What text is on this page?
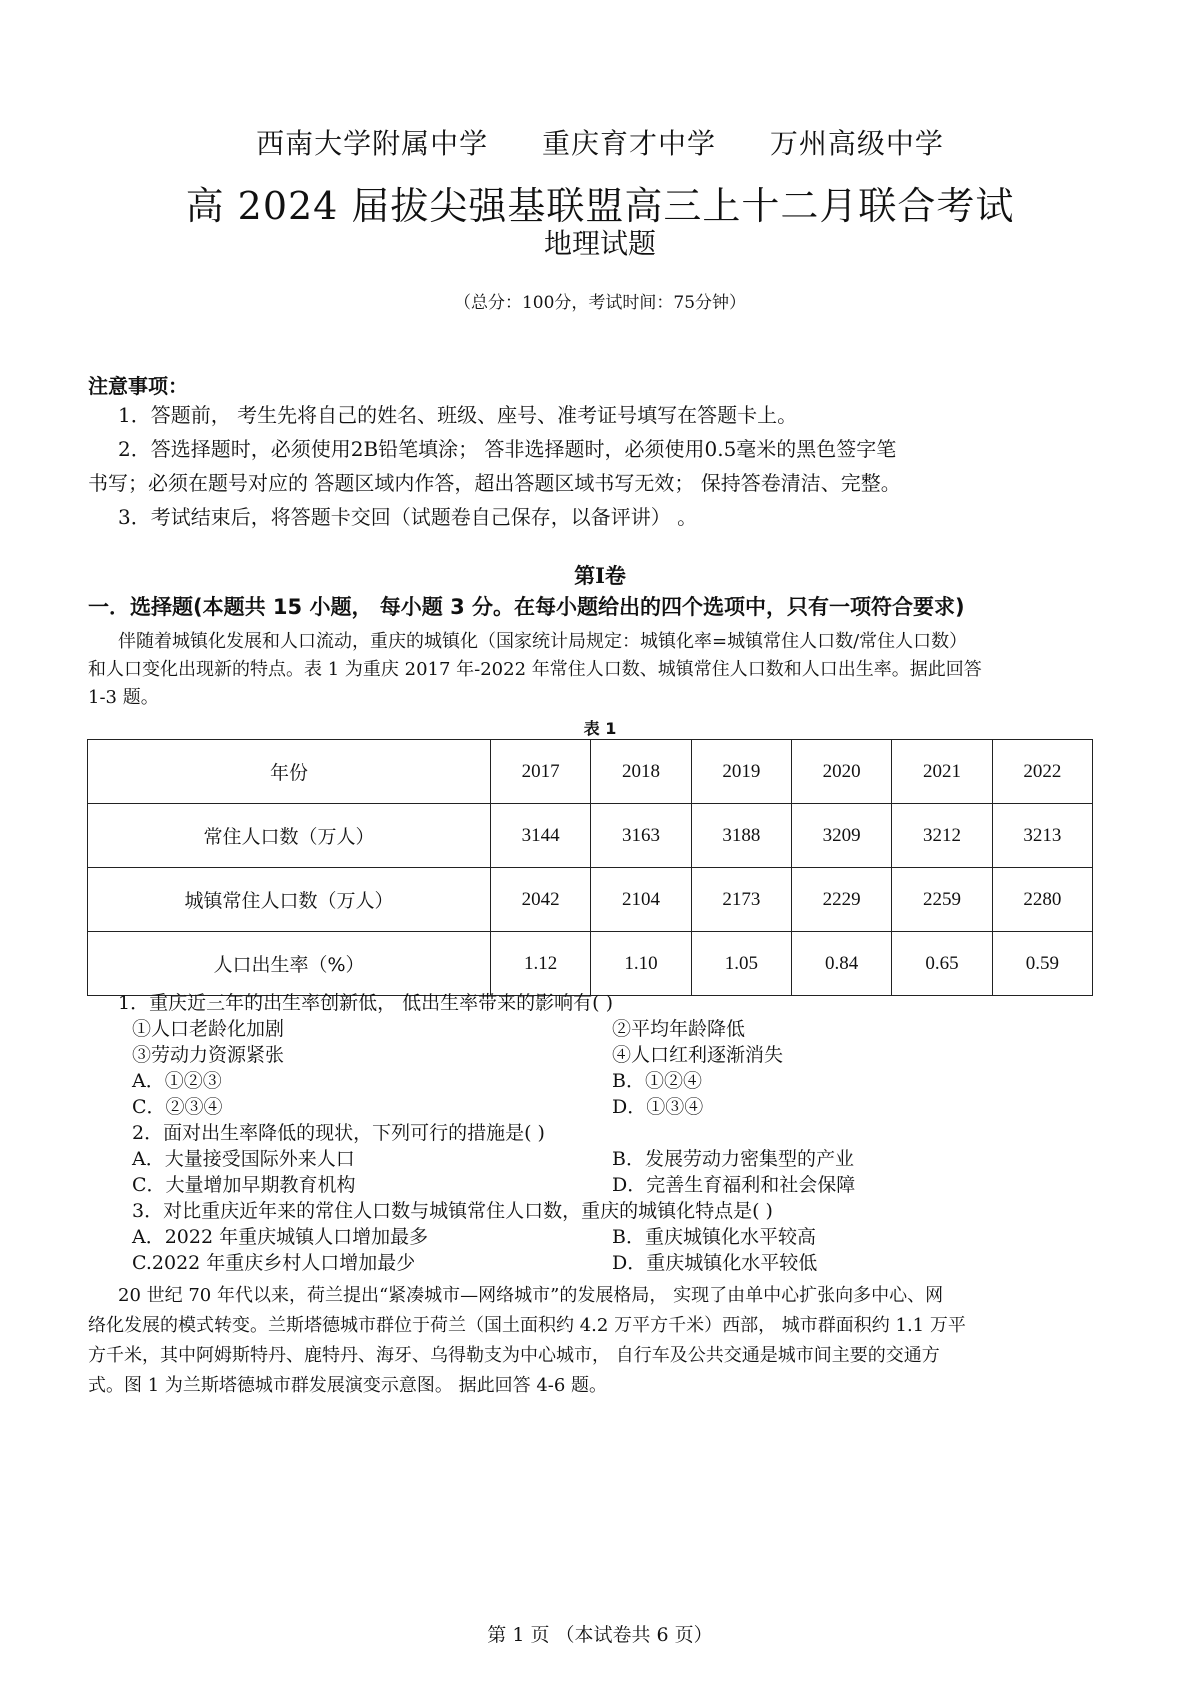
西南大学附属中学 重庆育才中学 万州高级中学
高 2024 届拔尖强基联盟高三上十二月联合考试
地理试题
（总分：100分，考试时间：75分钟）
注意事项：
1．答题前， 考生先将自己的姓名、班级、座号、准考证号填写在答题卡上。
2．答选择题时，必须使用2B铅笔填涂； 答非选择题时，必须使用0.5毫米的黑色签字笔
书写；必须在题号对应的 答题区域内作答，超出答题区域书写无效； 保持答卷清洁、完整。
3．考试结束后，将答题卡交回（试题卷自己保存，以备评讲） 。
第Ⅰ卷
一．选择题(本题共 15 小题， 每小题 3 分。在每小题给出的四个选项中，只有一项符合要求)
伴随着城镇化发展和人口流动，重庆的城镇化（国家统计局规定：城镇化率=城镇常住人口数/常住人口数）
和人口变化出现新的特点。表 1 为重庆 2017 年-2022 年常住人口数、城镇常住人口数和人口出生率。据此回答
1-3 题。
表 1
年份	2017	2018	2019	2020	2021	2022
常住人口数（万人）	3144	3163	3188	3209	3212	3213
城镇常住人口数（万人）	2042	2104	2173	2229	2259	2280
人口出生率（%）	1.12	1.10	1.05	0.84	0.65	0.59
1．重庆近三年的出生率创新低， 低出生率带来的影响有( )
①人口老龄化加剧	②平均年龄降低
③劳动力资源紧张	④人口红利逐渐消失
A．①②③	B．①②④
C．②③④	D．①③④
2．面对出生率降低的现状，下列可行的措施是( )
A．大量接受国际外来人口	B．发展劳动力密集型的产业
C．大量增加早期教育机构	D．完善生育福利和社会保障
3．对比重庆近年来的常住人口数与城镇常住人口数，重庆的城镇化特点是( )
A．2022 年重庆城镇人口增加最多	B．重庆城镇化水平较高
C.2022 年重庆乡村人口增加最少	D．重庆城镇化水平较低
20 世纪 70 年代以来，荷兰提出“紧凑城市—网络城市”的发展格局， 实现了由单中心扩张向多中心、网
络化发展的模式转变。兰斯塔德城市群位于荷兰（国土面积约 4.2 万平方千米）西部， 城市群面积约 1.1 万平
方千米，其中阿姆斯特丹、鹿特丹、海牙、乌得勒支为中心城市， 自行车及公共交通是城市间主要的交通方
式。图 1 为兰斯塔德城市群发展演变示意图。 据此回答 4-6 题。
第 1 页 （本试卷共 6 页）
